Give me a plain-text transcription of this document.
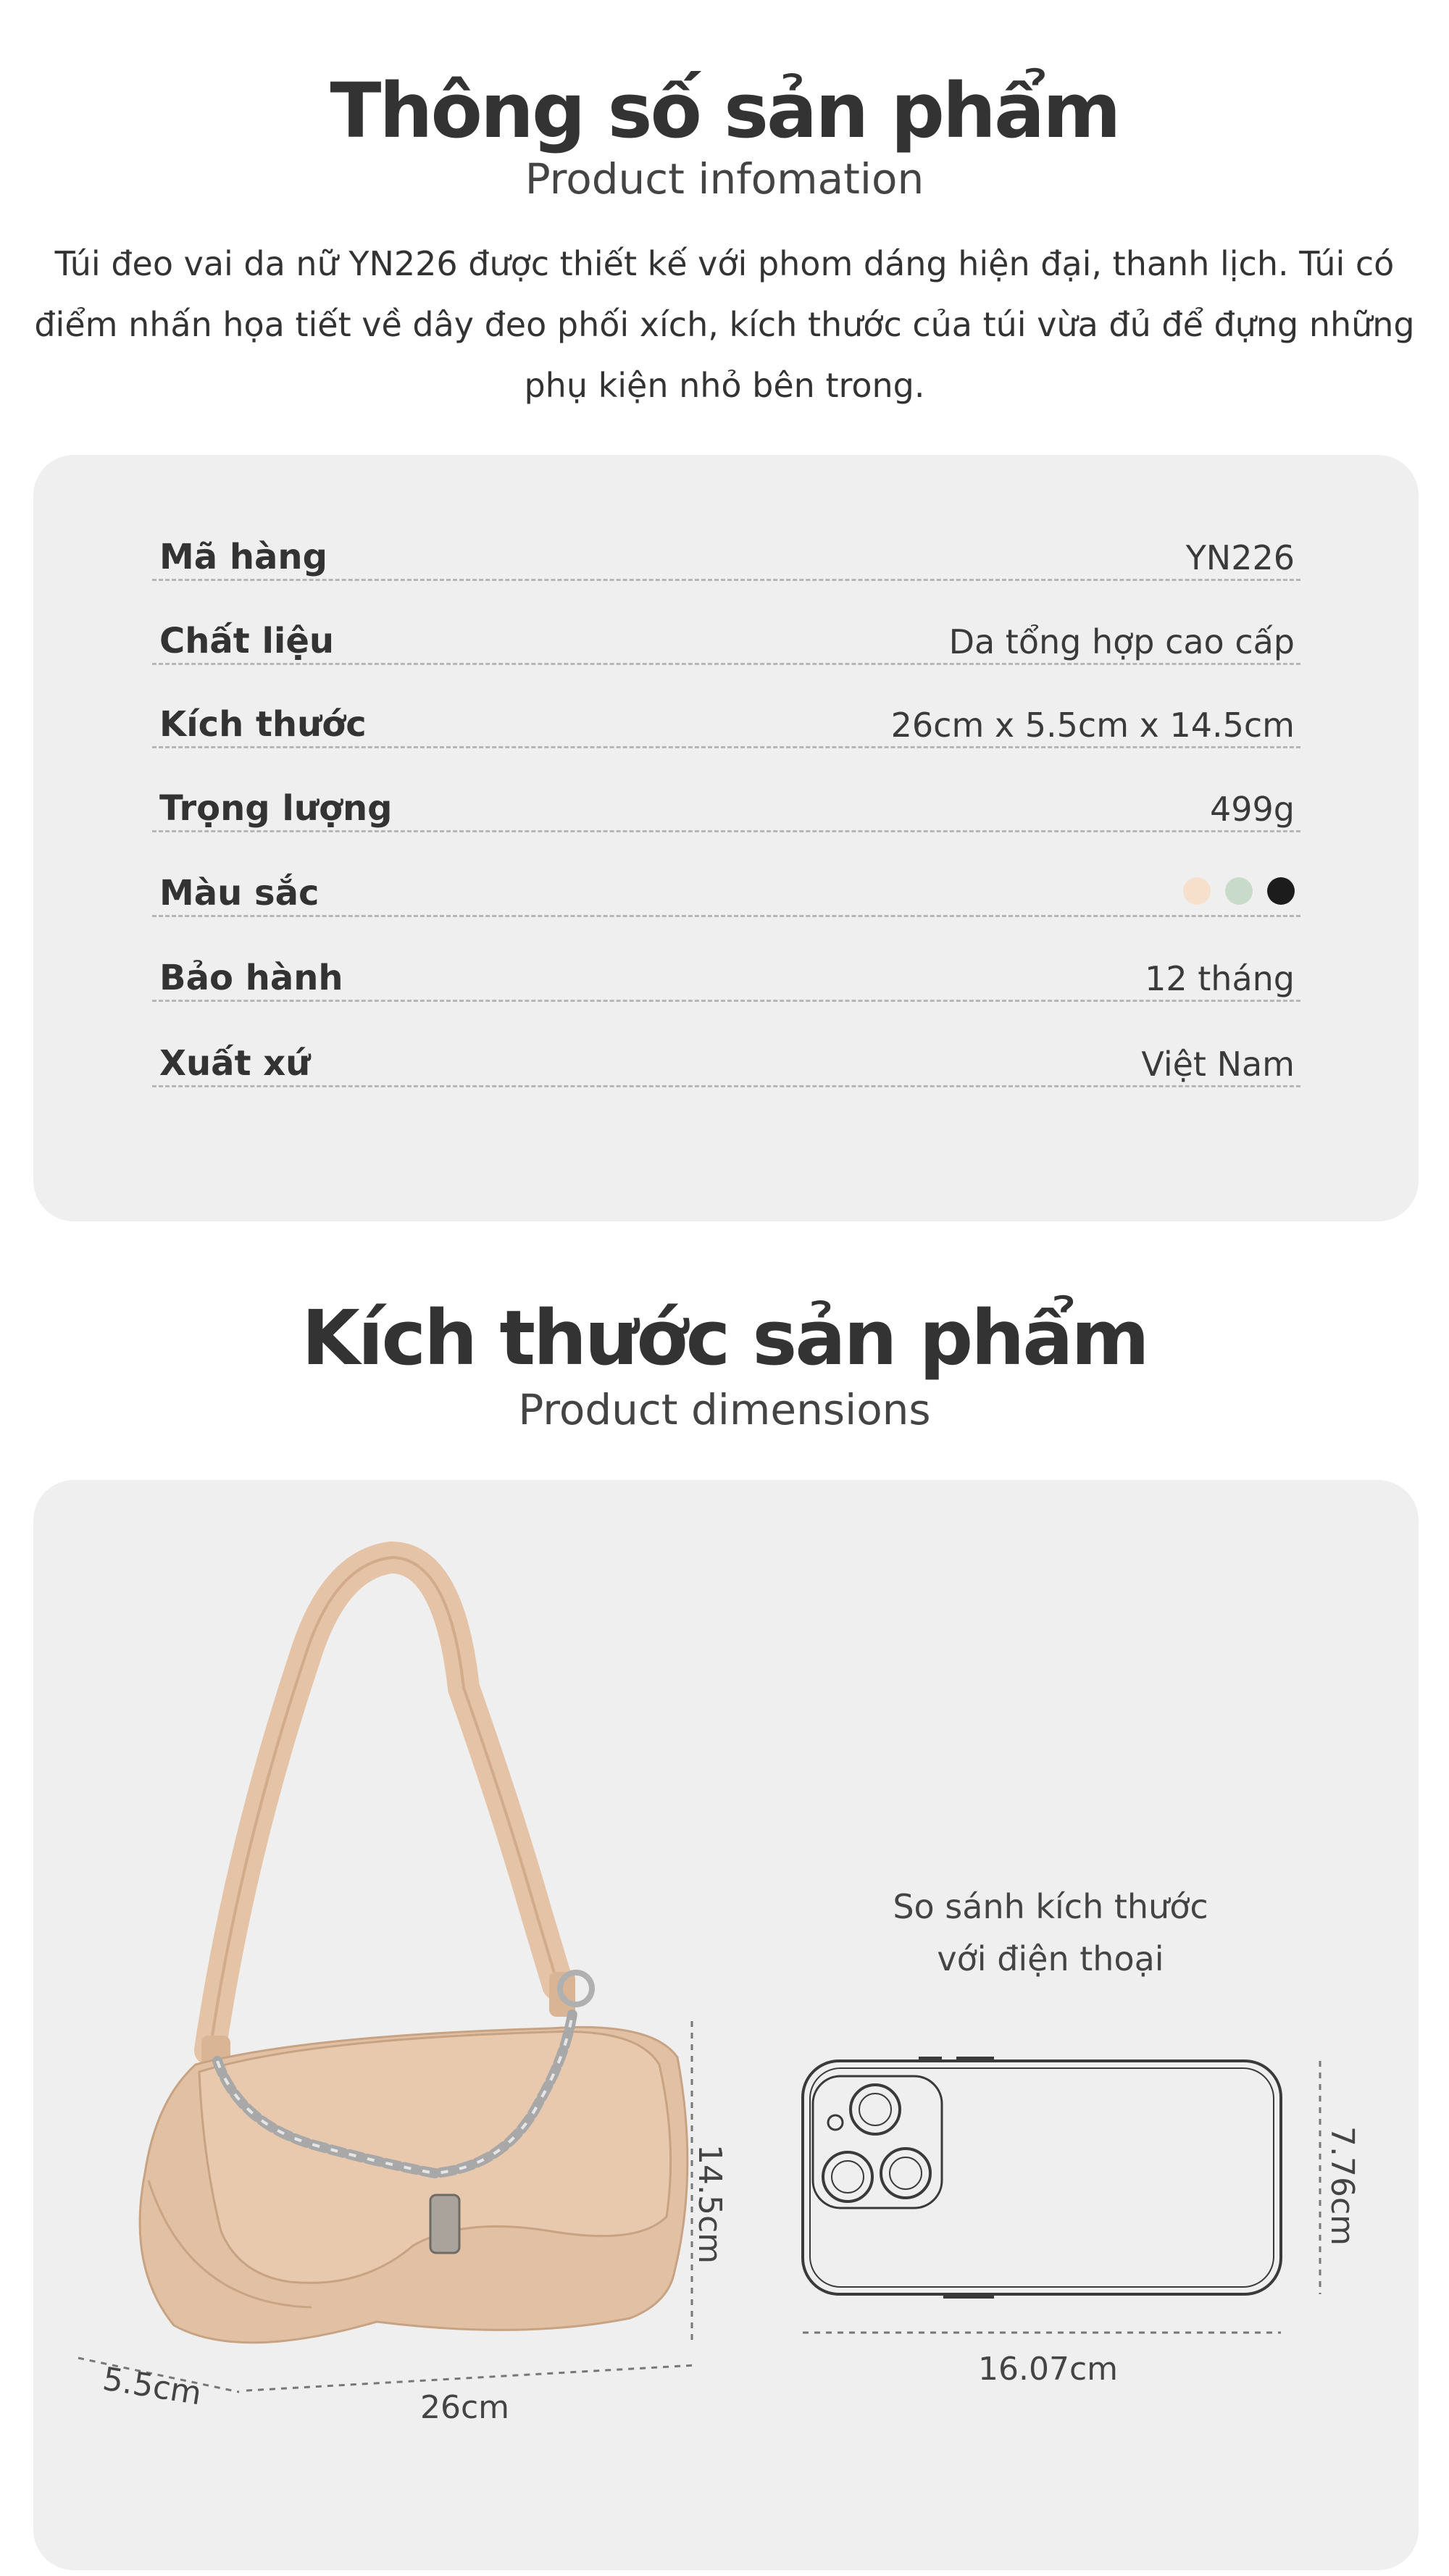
Thông số sản phẩm
Product infomation
Túi đeo vai da nữ YN226 được thiết kế với phom dáng hiện đại, thanh lịch. Túi có điểm nhấn họa tiết về dây đeo phối xích, kích thước của túi vừa đủ để đựng những phụ kiện nhỏ bên trong.
Mã hàng	YN226
Chất liệu	Da tổng hợp cao cấp
Kích thước	26cm x 5.5cm x 14.5cm
Trọng lượng	499g
Màu sắc
Bảo hành	12 tháng
Xuất xứ	Việt Nam
Kích thước sản phẩm
Product dimensions
14.5cm
26cm
5.5cm	16.07cm
7.76cm
So sánh kích thước
với điện thoại
